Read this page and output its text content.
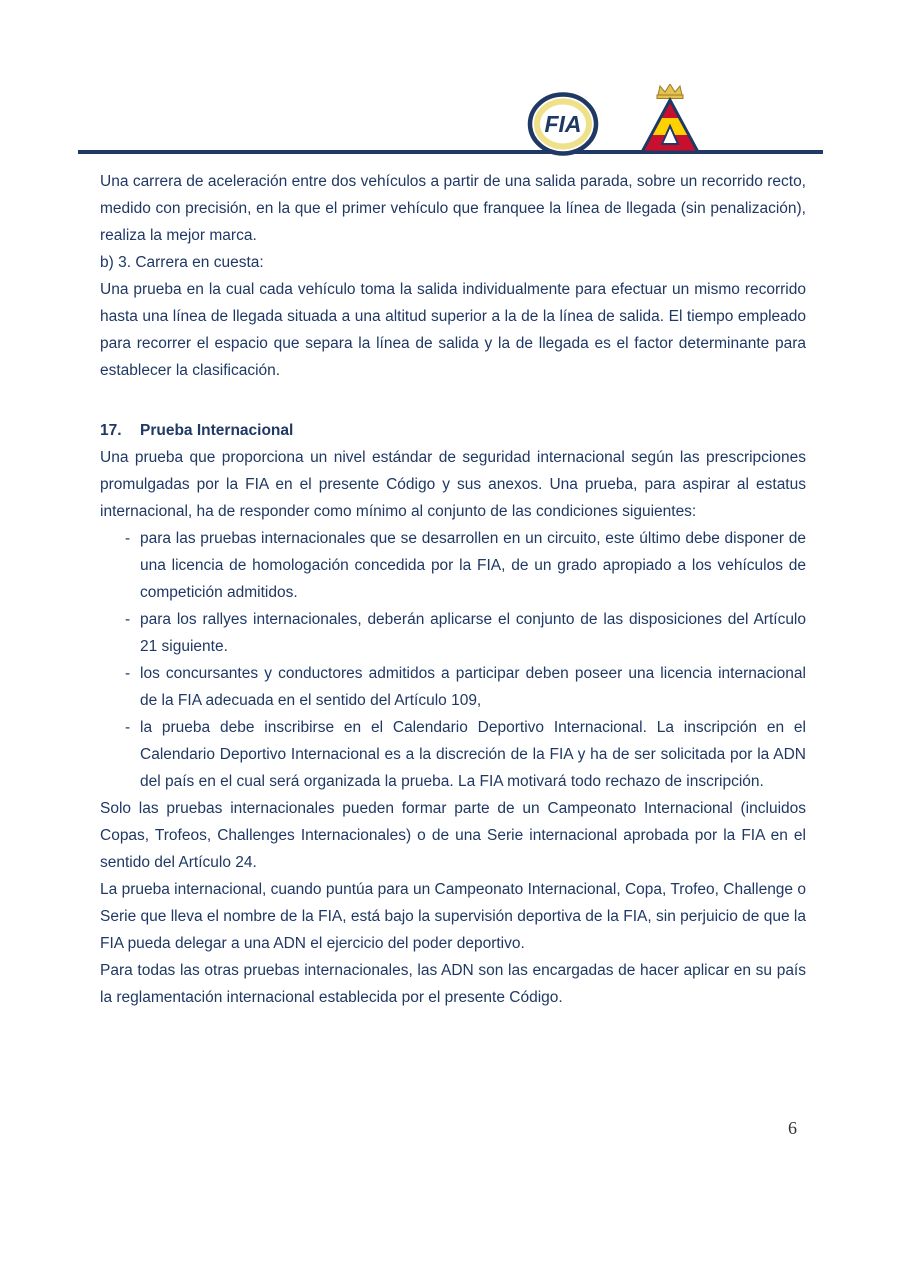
FIA

Una carrera de aceleración entre dos vehículos a partir de una salida parada, sobre un recorrido recto, medido con precisión, en la que el primer vehículo que franquee la línea de llegada (sin penalización), realiza la mejor marca.

b) 3. Carrera en cuesta:

Una prueba en la cual cada vehículo toma la salida individualmente para efectuar un mismo recorrido hasta una línea de llegada situada a una altitud superior a la de la línea de salida. El tiempo empleado para recorrer el espacio que separa la línea de salida y la de llegada es el factor determinante para establecer la clasificación.

17. Prueba Internacional

Una prueba que proporciona un nivel estándar de seguridad internacional según las prescripciones promulgadas por la FIA en el presente Código y sus anexos. Una prueba, para aspirar al estatus internacional, ha de responder como mínimo al conjunto de las condiciones siguientes:

- para las pruebas internacionales que se desarrollen en un circuito, este último debe disponer de una licencia de homologación concedida por la FIA, de un grado apropiado a los vehículos de competición admitidos.

- para los rallyes internacionales, deberán aplicarse el conjunto de las disposiciones del Artículo 21 siguiente.

- los concursantes y conductores admitidos a participar deben poseer una licencia internacional de la FIA adecuada en el sentido del Artículo 109,

- la prueba debe inscribirse en el Calendario Deportivo Internacional. La inscripción en el Calendario Deportivo Internacional es a la discreción de la FIA y ha de ser solicitada por la ADN del país en el cual será organizada la prueba. La FIA motivará todo rechazo de inscripción.

Solo las pruebas internacionales pueden formar parte de un Campeonato Internacional (incluidos Copas, Trofeos, Challenges Internacionales) o de una Serie internacional aprobada por la FIA en el sentido del Artículo 24.

La prueba internacional, cuando puntúa para un Campeonato Internacional, Copa, Trofeo, Challenge o Serie que lleva el nombre de la FIA, está bajo la supervisión deportiva de la FIA, sin perjuicio de que la FIA pueda delegar a una ADN el ejercicio del poder deportivo.

Para todas las otras pruebas internacionales, las ADN son las encargadas de hacer aplicar en su país la reglamentación internacional establecida por el presente Código.

6
